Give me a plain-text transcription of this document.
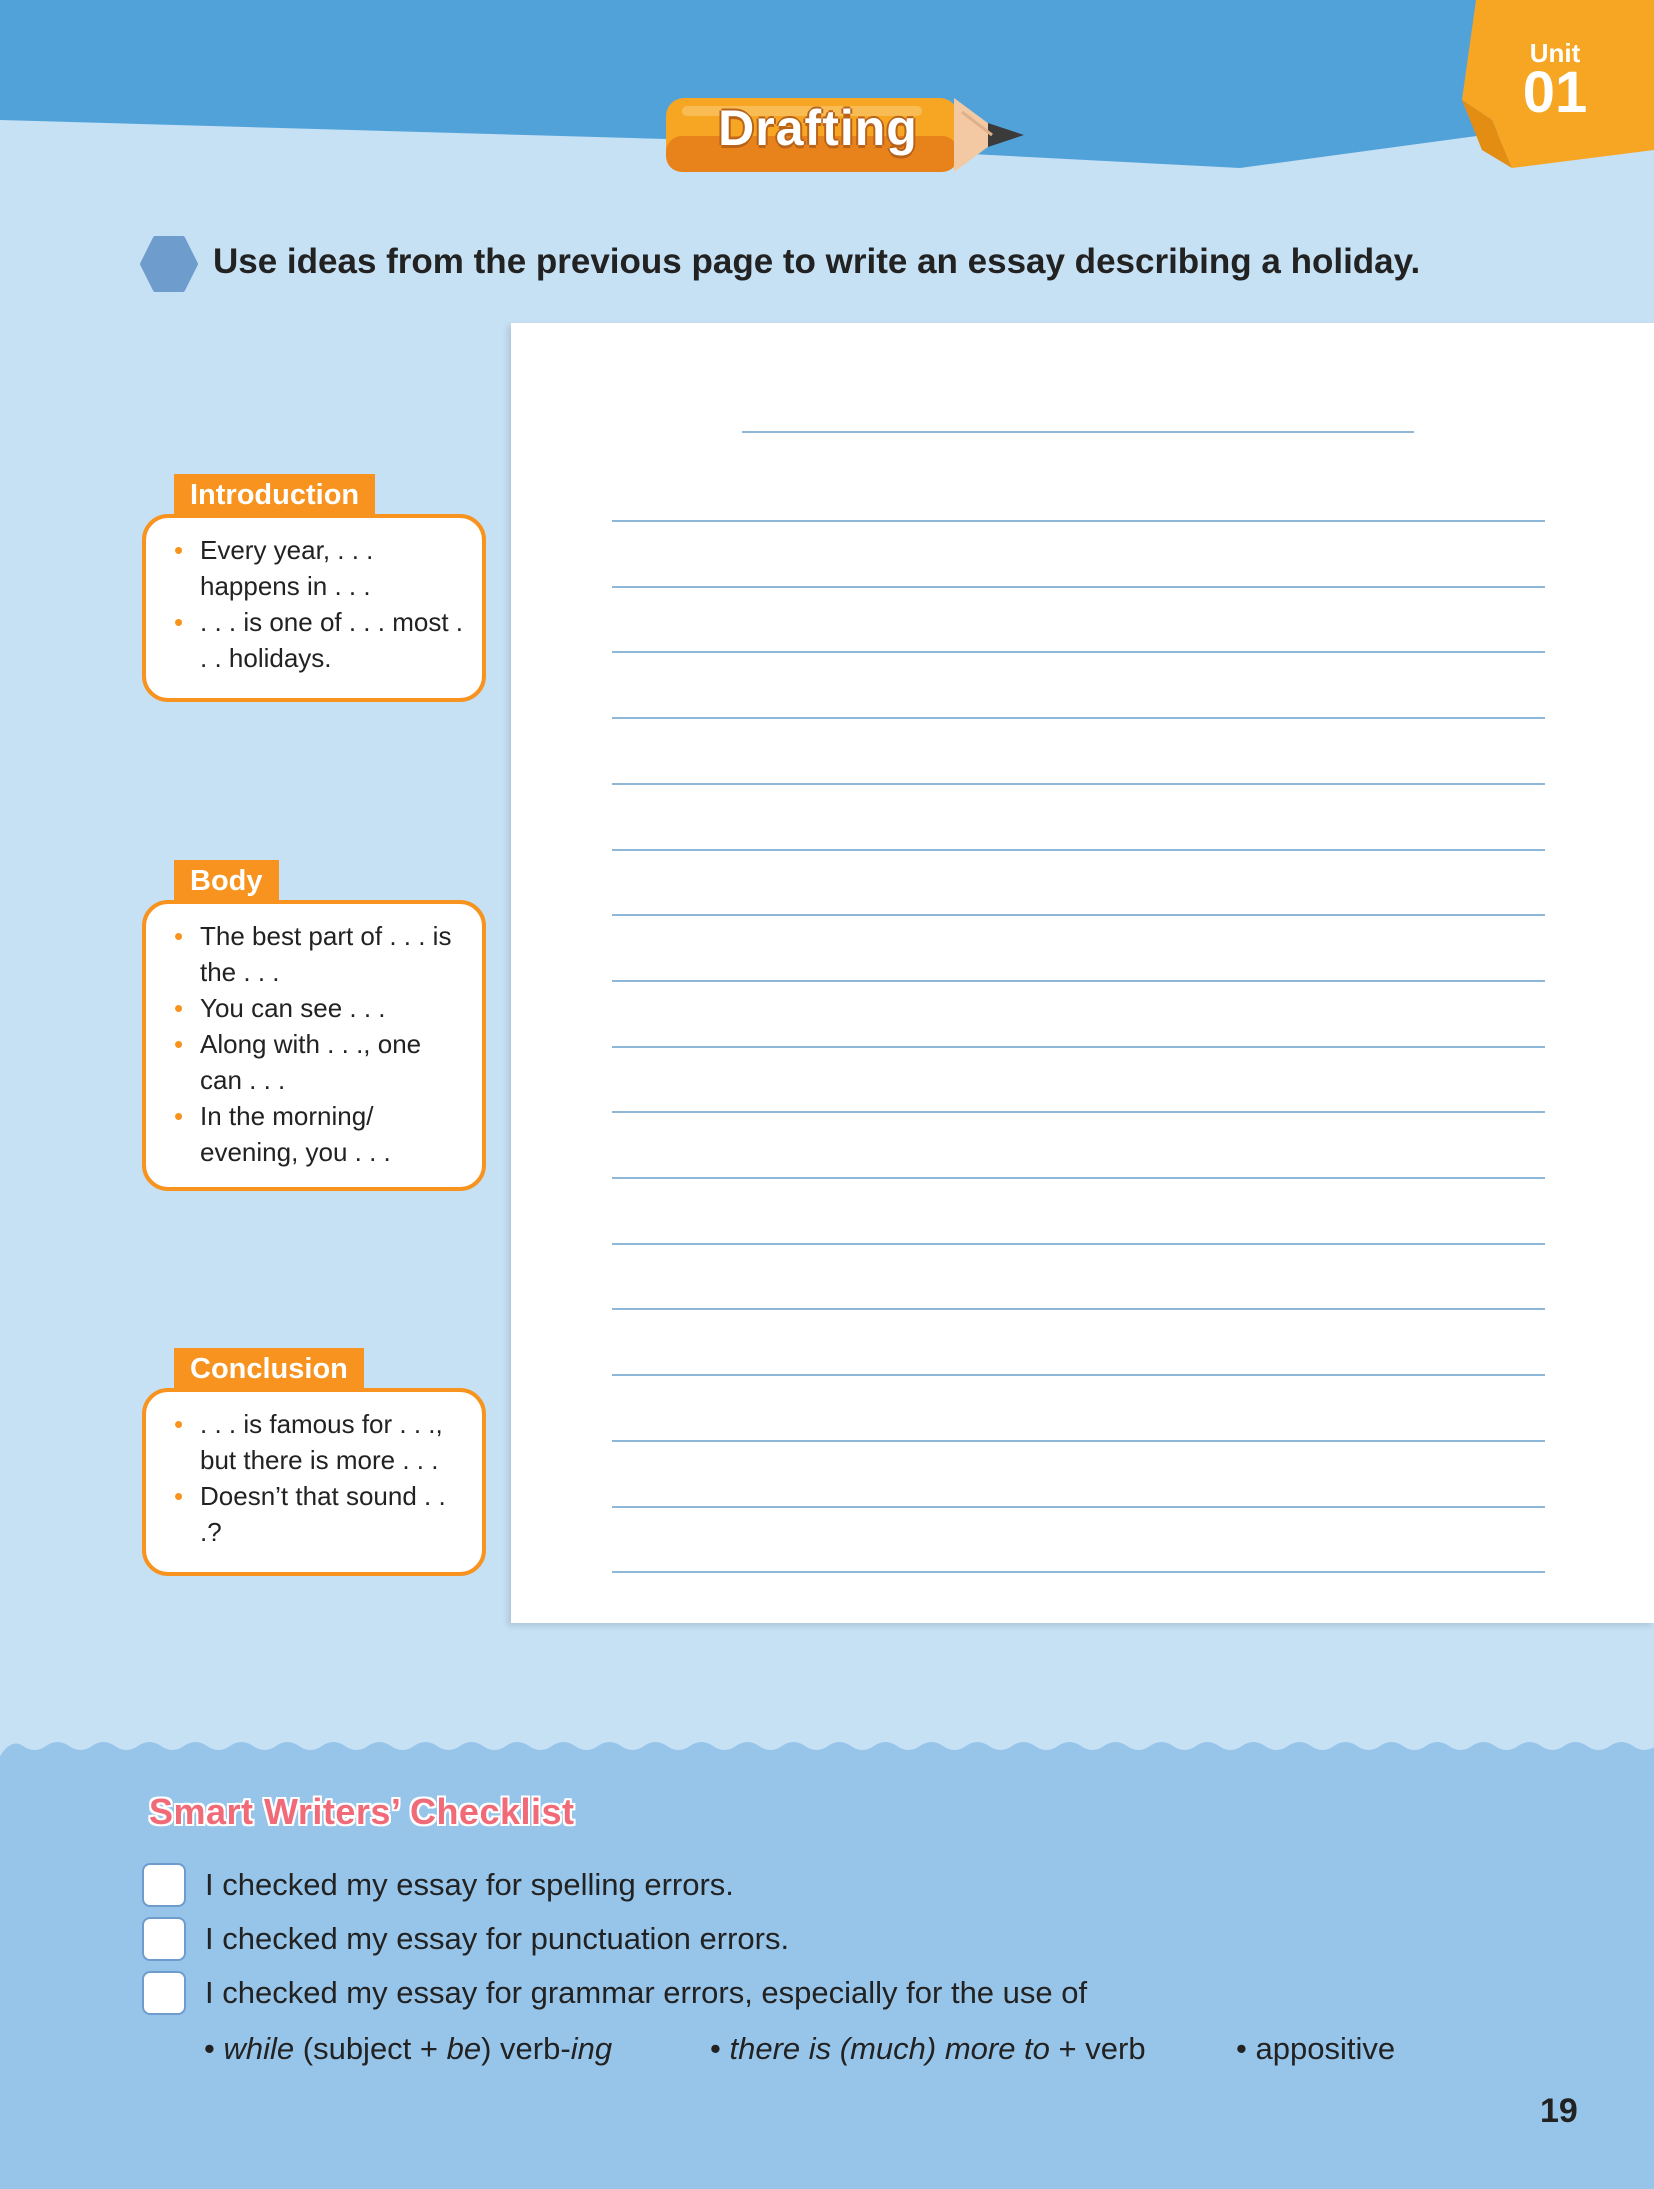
Unit
01
Drafting
Use ideas from the previous page to write an essay describing a holiday.
Introduction
• Every year, . . . happens in . . .
• . . . is one of . . . most . . . holidays.
Body
• The best part of . . . is the . . .
• You can see . . .
• Along with . . ., one can . . .
• In the morning/ evening, you . . .
Conclusion
• . . . is famous for . . ., but there is more . . .
• Doesn’t that sound . . .?
Smart Writers’ Checklist
I checked my essay for spelling errors.
I checked my essay for punctuation errors.
I checked my essay for grammar errors, especially for the use of
• while (subject + be) verb-ing	• there is (much) more to + verb	• appositive
19
